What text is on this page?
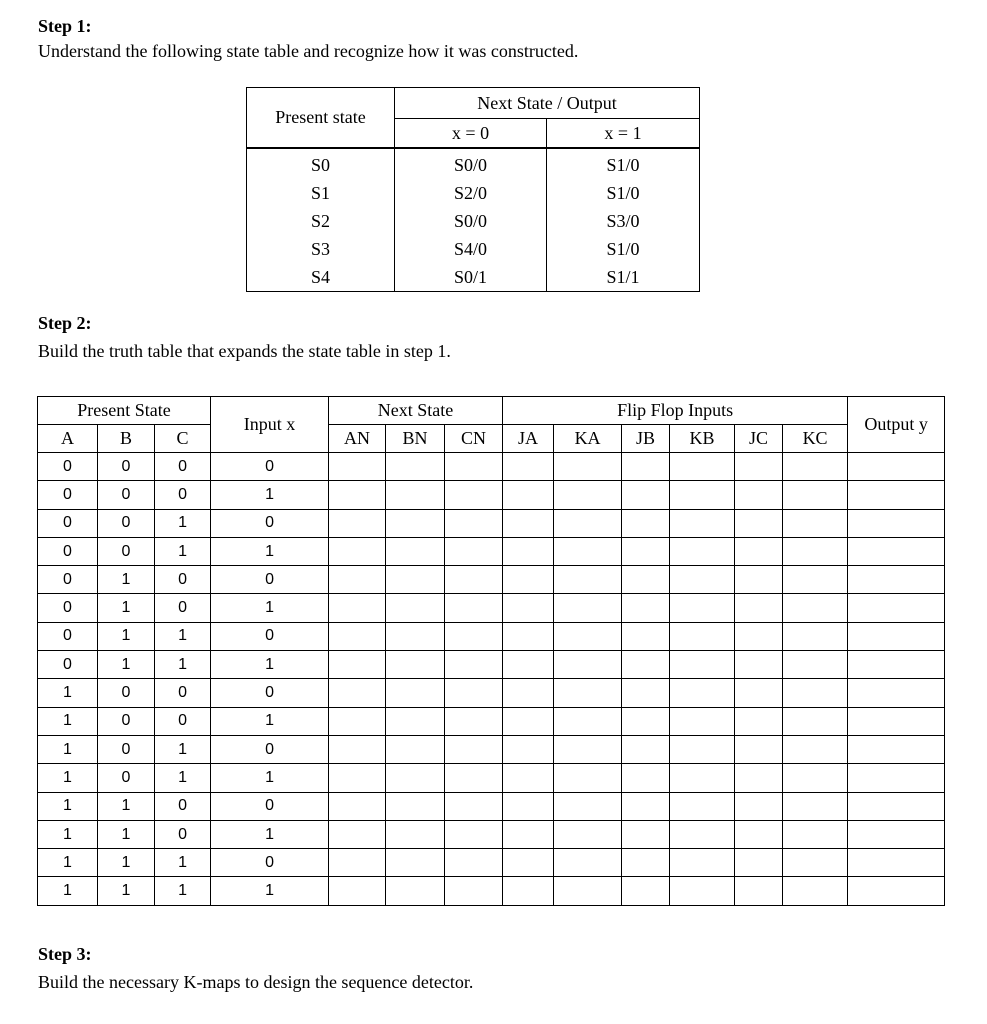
Step 1:

Understand the following state table and recognize how it was constructed.

Present state	Next State / Output	
	x = 0	x = 1
S0	S0/0	S1/0
S1	S2/0	S1/0
S2	S0/0	S3/0
S3	S4/0	S1/0
S4	S0/1	S1/1

Step 2:

Build the truth table that expands the state table in step 1.

Present State			Input x	Next State			Flip Flop Inputs						Output y
A	B	C		AN	BN	CN	JA	KA	JB	KB	JC	KC	
0	0	0	0										
0	0	0	1										
0	0	1	0										
0	0	1	1										
0	1	0	0										
0	1	0	1										
0	1	1	0										
0	1	1	1										
1	0	0	0										
1	0	0	1										
1	0	1	0										
1	0	1	1										
1	1	0	0										
1	1	0	1										
1	1	1	0										
1	1	1	1										

Step 3:

Build the necessary K-maps to design the sequence detector.
